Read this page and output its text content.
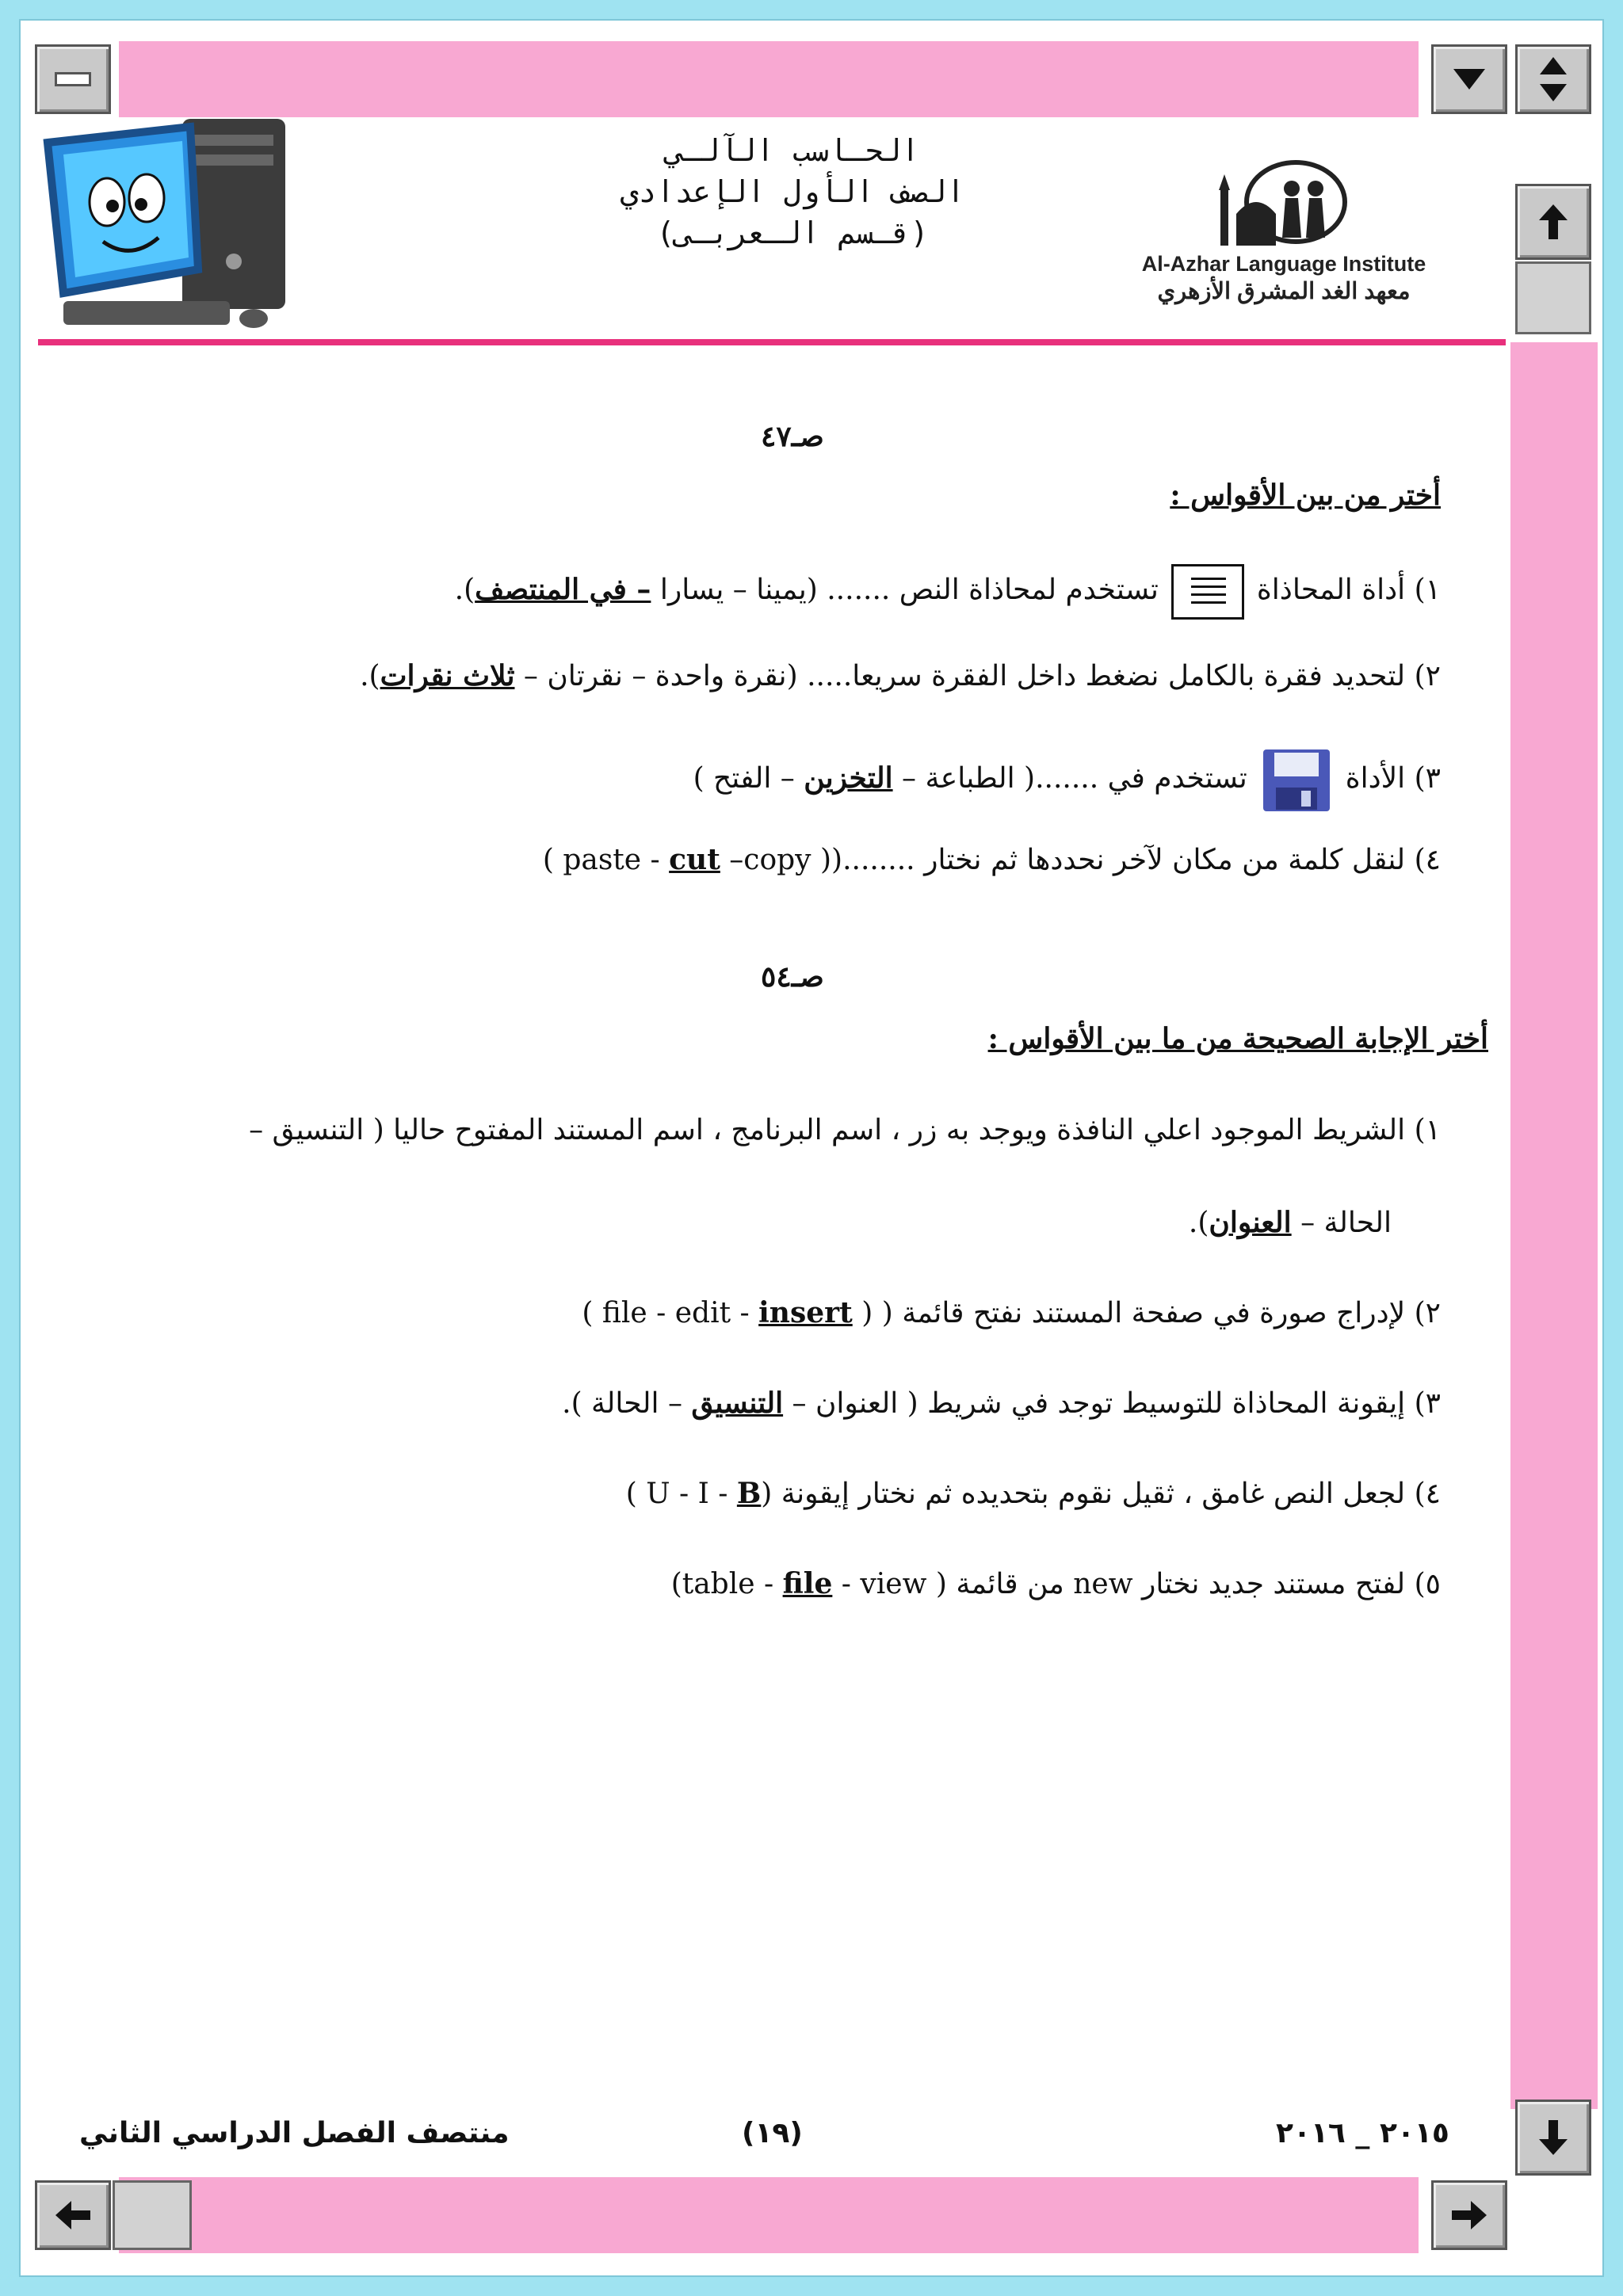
الحـاسب الآلـي
الصف الأول الإعدادي
(قـسم الـعربـى)
Al-Azhar Language Institute
معهد الغد المشرق الأزهري
صـ٤٧
أختر من بين الأقواس :
١) أداة المحاذاة
تستخدم لمحاذاة النص ....... (يمينا – يسارا – في المنتصف).
٢) لتحديد فقرة بالكامل نضغط داخل الفقرة سريعا..... (نقرة واحدة – نقرتان – ثلاث نقرات).
٣) الأداةتستخدم في .......( الطباعة – التخزين – الفتح )
٤) لنقل كلمة من مكان لآخر نحددها ثم نختار ........(( paste - cut –copy )
صـ٥٤
أختر الإجابة الصحيحة من ما بين الأقواس :
١) الشريط الموجود اعلي النافذة ويوجد به زر ، اسم البرنامج ، اسم المستند المفتوح حاليا ( التنسيق –
الحالة – العنوان).
٢) لإدراج صورة في صفحة المستند نفتح قائمة ( ( file - edit - insert )
٣) إيقونة المحاذاة للتوسيط توجد في شريط ( العنوان – التنسيق – الحالة ).
٤) لجعل النص غامق ، ثقيل نقوم بتحديده ثم نختار إيقونة (U - I - B )
٥) لفتح مستند جديد نختار new من قائمة ( table - file - view)
منتصف الفصل الدراسي الثاني	(١٩)	٢٠١٥ _ ٢٠١٦
